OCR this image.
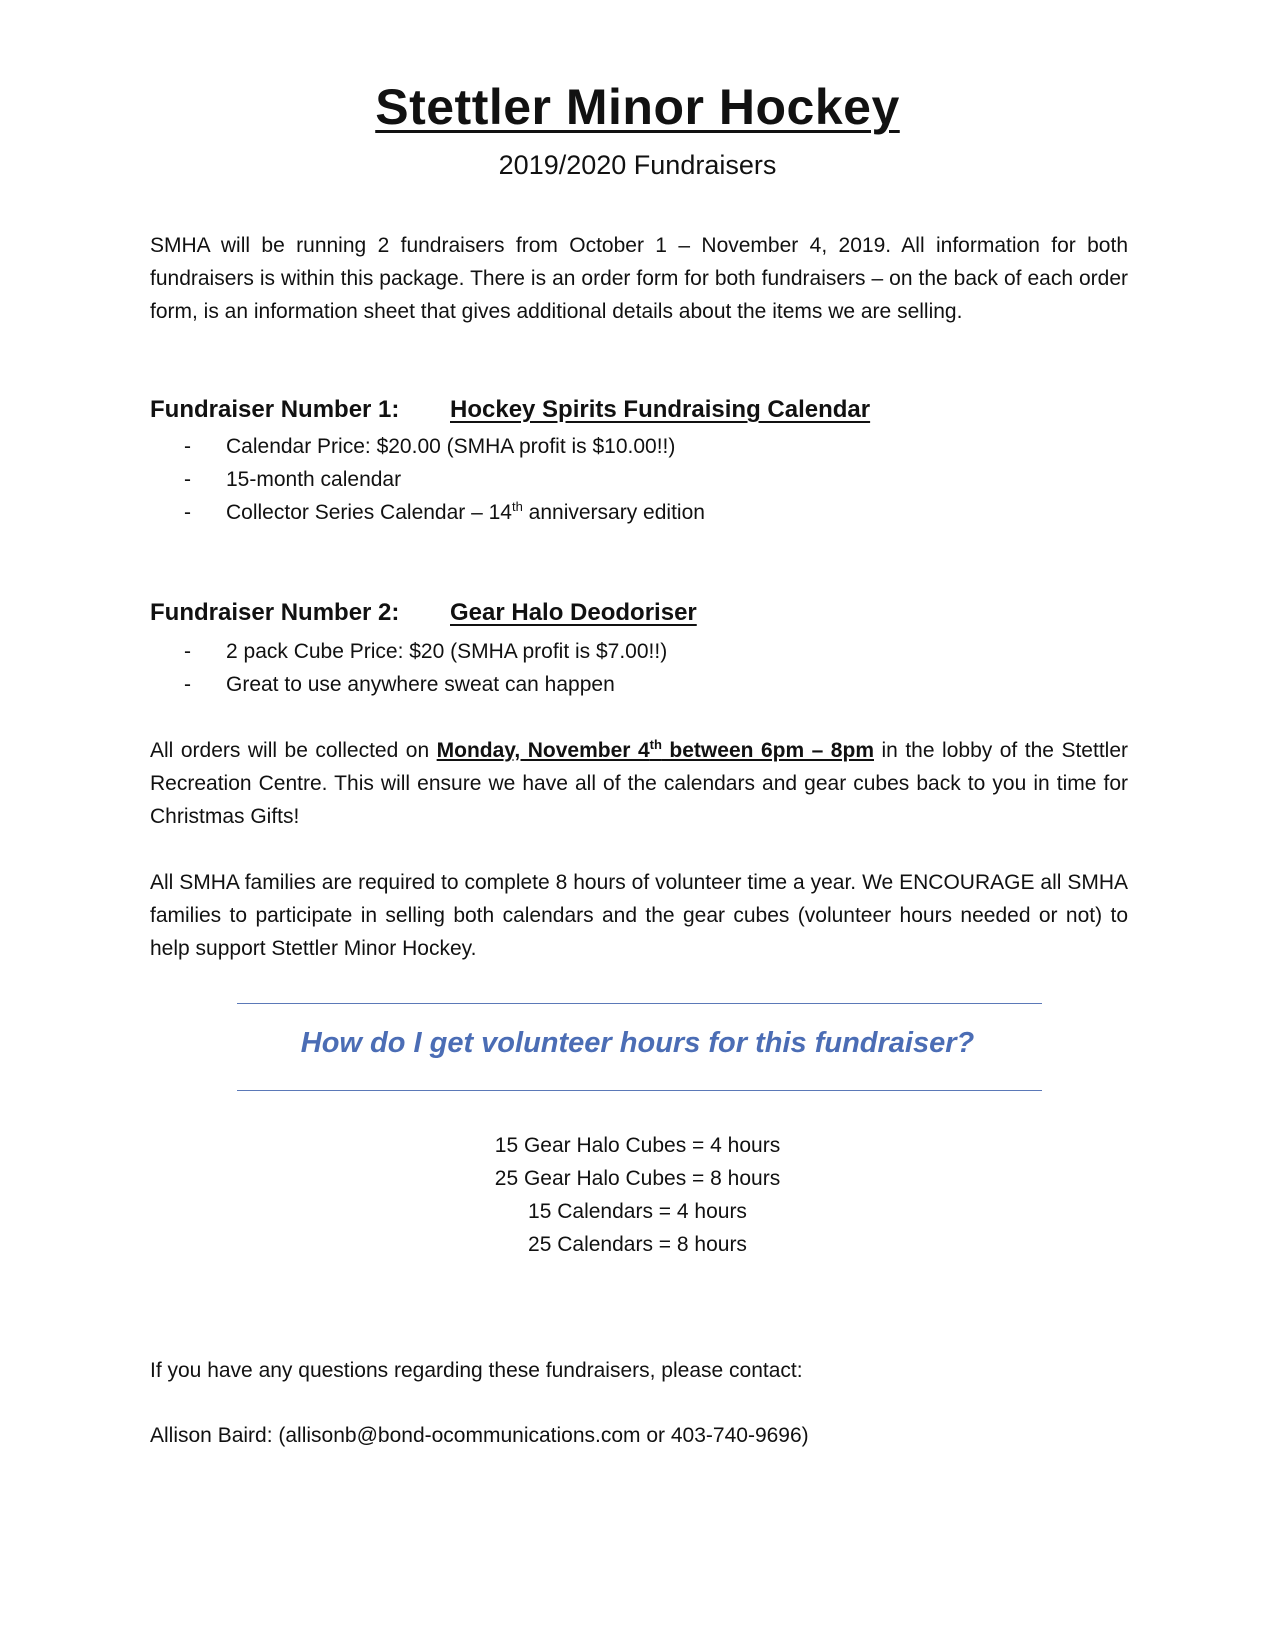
Stettler Minor Hockey
2019/2020 Fundraisers
SMHA will be running 2 fundraisers from October 1 – November 4, 2019. All information for both fundraisers is within this package. There is an order form for both fundraisers – on the back of each order form, is an information sheet that gives additional details about the items we are selling.
Fundraiser Number 1: Hockey Spirits Fundraising Calendar
- Calendar Price: $20.00 (SMHA profit is $10.00!!)
- 15-month calendar
- Collector Series Calendar – 14th anniversary edition
Fundraiser Number 2: Gear Halo Deodoriser
- 2 pack Cube Price: $20 (SMHA profit is $7.00!!)
- Great to use anywhere sweat can happen
All orders will be collected on Monday, November 4th between 6pm – 8pm in the lobby of the Stettler Recreation Centre. This will ensure we have all of the calendars and gear cubes back to you in time for Christmas Gifts!
All SMHA families are required to complete 8 hours of volunteer time a year. We ENCOURAGE all SMHA families to participate in selling both calendars and the gear cubes (volunteer hours needed or not) to help support Stettler Minor Hockey.
How do I get volunteer hours for this fundraiser?
15 Gear Halo Cubes = 4 hours
25 Gear Halo Cubes = 8 hours
15 Calendars = 4 hours
25 Calendars = 8 hours
If you have any questions regarding these fundraisers, please contact:
Allison Baird: (allisonb@bond-ocommunications.com or 403-740-9696)
